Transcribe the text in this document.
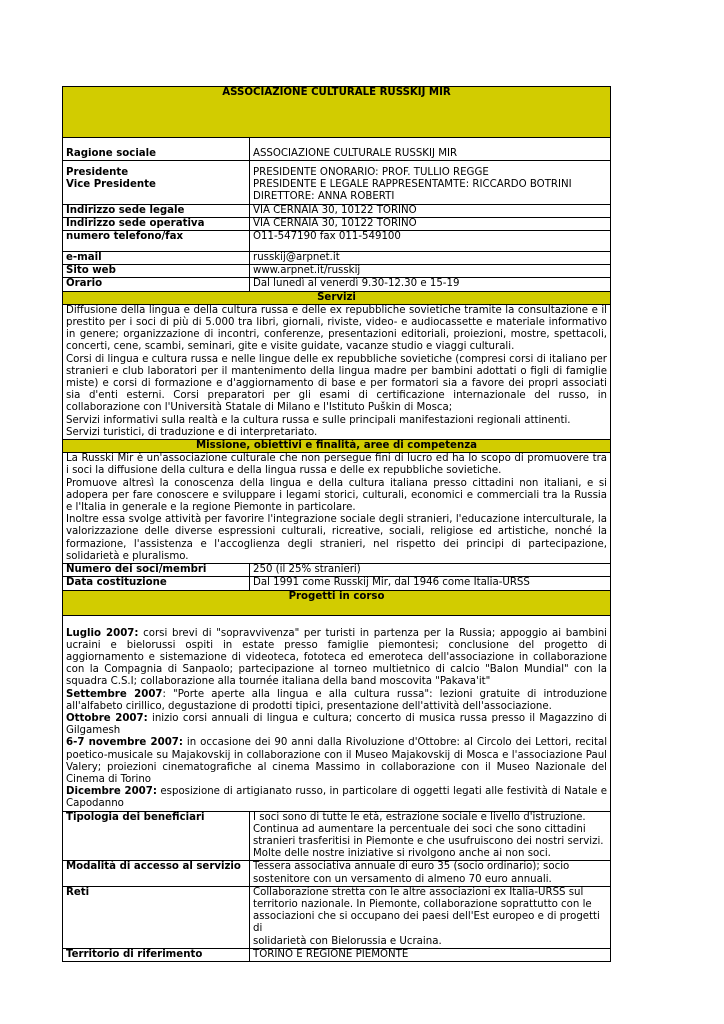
ASSOCIAZIONE CULTURALE RUSSKIJ MIR	
Ragione sociale	ASSOCIAZIONE CULTURALE RUSSKIJ MIR

Presidente
Vice Presidente	PRESIDENTE ONORARIO: PROF. TULLIO REGGE
PRESIDENTE E LEGALE RAPPRESENTAMTE: RICCARDO BOTRINI
DIRETTORE: ANNA ROBERTI

Indirizzo sede legale	VIA CERNAIA 30, 10122 TORINO
Indirizzo sede operativa	VIA CERNAIA 30, 10122 TORINO
numero telefono/fax	O11-547190 fax 011-549100
e-mail	russkij@arpnet.it
Sito web	www.arpnet.it/russkij
Orario	Dal lunedì al venerdì 9.30-12.30 e 15-19
Servizi	

Diffusione della lingua e della cultura russa e delle ex repubbliche sovietiche tramite la consultazione e il prestito per i soci di più di 5.000 tra libri, giornali, riviste, video- e audiocassette e materiale informativo in genere; organizzazione di incontri, conferenze, presentazioni editoriali, proiezioni, mostre, spettacoli, concerti, cene, scambi, seminari, gite e visite guidate, vacanze studio e viaggi culturali.
Corsi di lingua e cultura russa e nelle lingue delle ex repubbliche sovietiche (compresi corsi di italiano per stranieri e club laboratori per il mantenimento della lingua madre per bambini adottati o figli di famiglie miste) e corsi di formazione e d'aggiornamento di base e per formatori sia a favore dei propri associati sia d'enti esterni. Corsi preparatori per gli esami di certificazione internazionale del russo, in collaborazione con l'Università Statale di Milano e l'Istituto Puškin di Mosca;
Servizi informativi sulla realtà e la cultura russa e sulle principali manifestazioni regionali attinenti.
Servizi turistici, di traduzione e di interpretariato.	

Missione, obiettivi e finalità, aree di competenza	

La Russki Mir è un'associazione culturale che non persegue fini di lucro ed ha lo scopo di promuovere tra i soci la diffusione della cultura e della lingua russa e delle ex repubbliche sovietiche.
Promuove altresì la conoscenza della lingua e della cultura italiana presso cittadini non italiani, e si adopera per fare conoscere e sviluppare i legami storici, culturali, economici e commerciali tra la Russia e l'Italia in generale e la regione Piemonte in particolare.
Inoltre essa svolge attività per favorire l'integrazione sociale degli stranieri, l'educazione interculturale, la valorizzazione delle diverse espressioni culturali, ricreative, sociali, religiose ed artistiche, nonché la formazione, l'assistenza e l'accoglienza degli stranieri, nel rispetto dei principi di partecipazione, solidarietà e pluralismo.	

Numero dei soci/membri	250 (il 25% stranieri)
Data costituzione	Dal 1991 come Russkij Mir, dal 1946 come Italia-URSS
Progetti in corso	

Luglio 2007: corsi brevi di "sopravvivenza" per turisti in partenza per la Russia; appoggio ai bambini ucraini e bielorussi ospiti in estate presso famiglie piemontesi; conclusione del progetto di aggiornamento e sistemazione di videoteca, fototeca ed emeroteca dell'associazione in collaborazione con la Compagnia di Sanpaolo; partecipazione al torneo multietnico di calcio "Balon Mundial" con la squadra C.S.I; collaborazione alla tournée italiana della band moscovita "Pakava'it"

Settembre 2007: "Porte aperte alla lingua e alla cultura russa": lezioni gratuite di introduzione all'alfabeto cirillico, degustazione di prodotti tipici, presentazione dell'attività dell'associazione.

Ottobre 2007: inizio corsi annuali di lingua e cultura; concerto di musica russa presso il Magazzino di Gilgamesh

6-7 novembre 2007: in occasione dei 90 anni dalla Rivoluzione d'Ottobre: al Circolo dei Lettori, recital poetico-musicale su Majakovskij in collaborazione con il Museo Majakovskij di Mosca e l'associazione Paul Valery; proiezioni cinematografiche al cinema Massimo in collaborazione con il Museo Nazionale del Cinema di Torino

Dicembre 2007: esposizione di artigianato russo, in particolare di oggetti legati alle festività di Natale e Capodanno	

Tipologia dei beneficiari	I soci sono di tutte le età, estrazione sociale e livello d'istruzione.
Continua ad aumentare la percentuale dei soci che sono cittadini
stranieri trasferitisi in Piemonte e che usufruiscono dei nostri servizi.
Molte delle nostre iniziative si rivolgono anche ai non soci.

Modalità di accesso al servizio	Tessera associativa annuale di euro 35 (socio ordinario); socio
sostenitore con un versamento di almeno 70 euro annuali.

Reti	Collaborazione stretta con le altre associazioni ex Italia-URSS sul
territorio nazionale. In Piemonte, collaborazione soprattutto con le
associazioni che si occupano dei paesi dell'Est europeo e di progetti di
solidarietà con Bielorussia e Ucraina.

Territorio di riferimento	TORINO E REGIONE PIEMONTE
